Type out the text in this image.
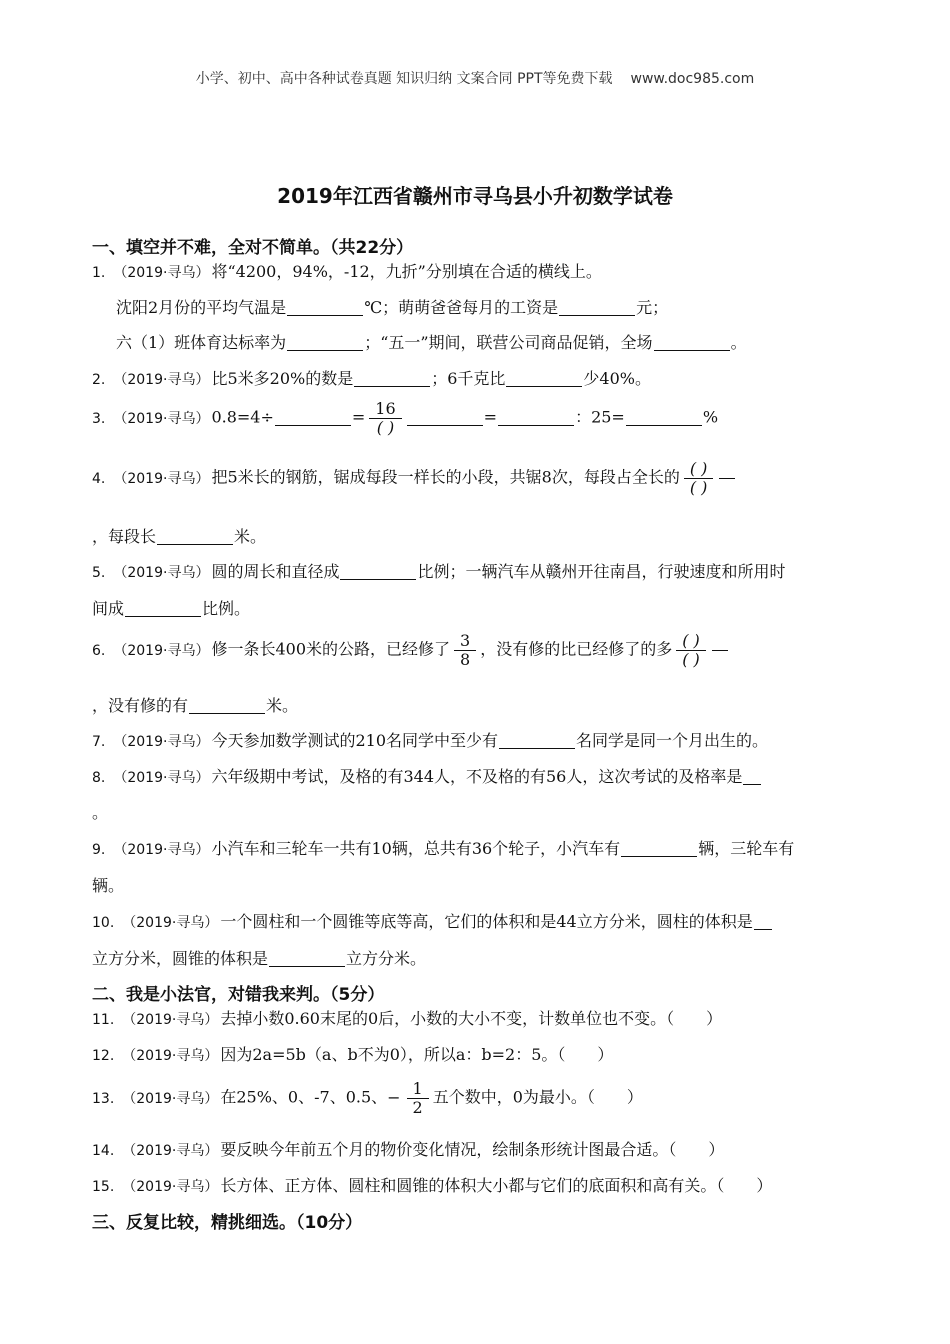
小学、初中、高中各种试卷真题 知识归纳 文案合同 PPT等免费下载 www.doc985.com
2019年江西省赣州市寻乌县小升初数学试卷
一、填空并不难，全对不简单。（共22分）
1. （2019·寻乌） 将“4200，94%，-12，九折”分别填在合适的横线上。
沈阳2月份的平均气温是	℃；萌萌爸爸每月的工资是	元；
六（1）班体育达标率为	；“五一”期间，联营公司商品促销，全场	。
2. （2019·寻乌） 比5米多20%的数是	；6千克比	少40%。
3. （2019·寻乌） 0.8=4÷	= $\frac{16}{( )}$	=	：25=	%
4. （2019·寻乌） 把5米长的钢筋，锯成每段一样长的小段，共锯8次，每段占全长的 $\frac{( )}{( )}$
，每段长	米。
5. （2019·寻乌） 圆的周长和直径成	比例；一辆汽车从赣州开往南昌，行驶速度和所用时
间成	比例。
6. （2019·寻乌） 修一条长400米的公路，已经修了 $\frac{3}{8}$ ，没有修的比已经修了的多 $\frac{( )}{( )}$
，没有修的有	米。
7. （2019·寻乌） 今天参加数学测试的210名同学中至少有	名同学是同一个月出生的。
8. （2019·寻乌） 六年级期中考试，及格的有344人，不及格的有56人，这次考试的及格率是
。
9. （2019·寻乌） 小汽车和三轮车一共有10辆，总共有36个轮子，小汽车有	辆，三轮车有
辆。
10. （2019·寻乌） 一个圆柱和一个圆锥等底等高，它们的体积和是44立方分米，圆柱的体积是
立方分米，圆锥的体积是	立方分米。
二、我是小法官，对错我来判。（5分）
11. （2019·寻乌） 去掉小数0.60末尾的0后，小数的大小不变，计数单位也不变。（　　）
12. （2019·寻乌） 因为2a=5b（a、b不为0），所以a：b=2：5。（　　）
13. （2019·寻乌） 在25%、0、-7、0.5、− $\frac{1}{2}$ 五个数中，0为最小。（　　）
14. （2019·寻乌） 要反映今年前五个月的物价变化情况，绘制条形统计图最合适。（　　）
15. （2019·寻乌） 长方体、正方体、圆柱和圆锥的体积大小都与它们的底面积和高有关。（　　）
三、反复比较，精挑细选。（10分）
